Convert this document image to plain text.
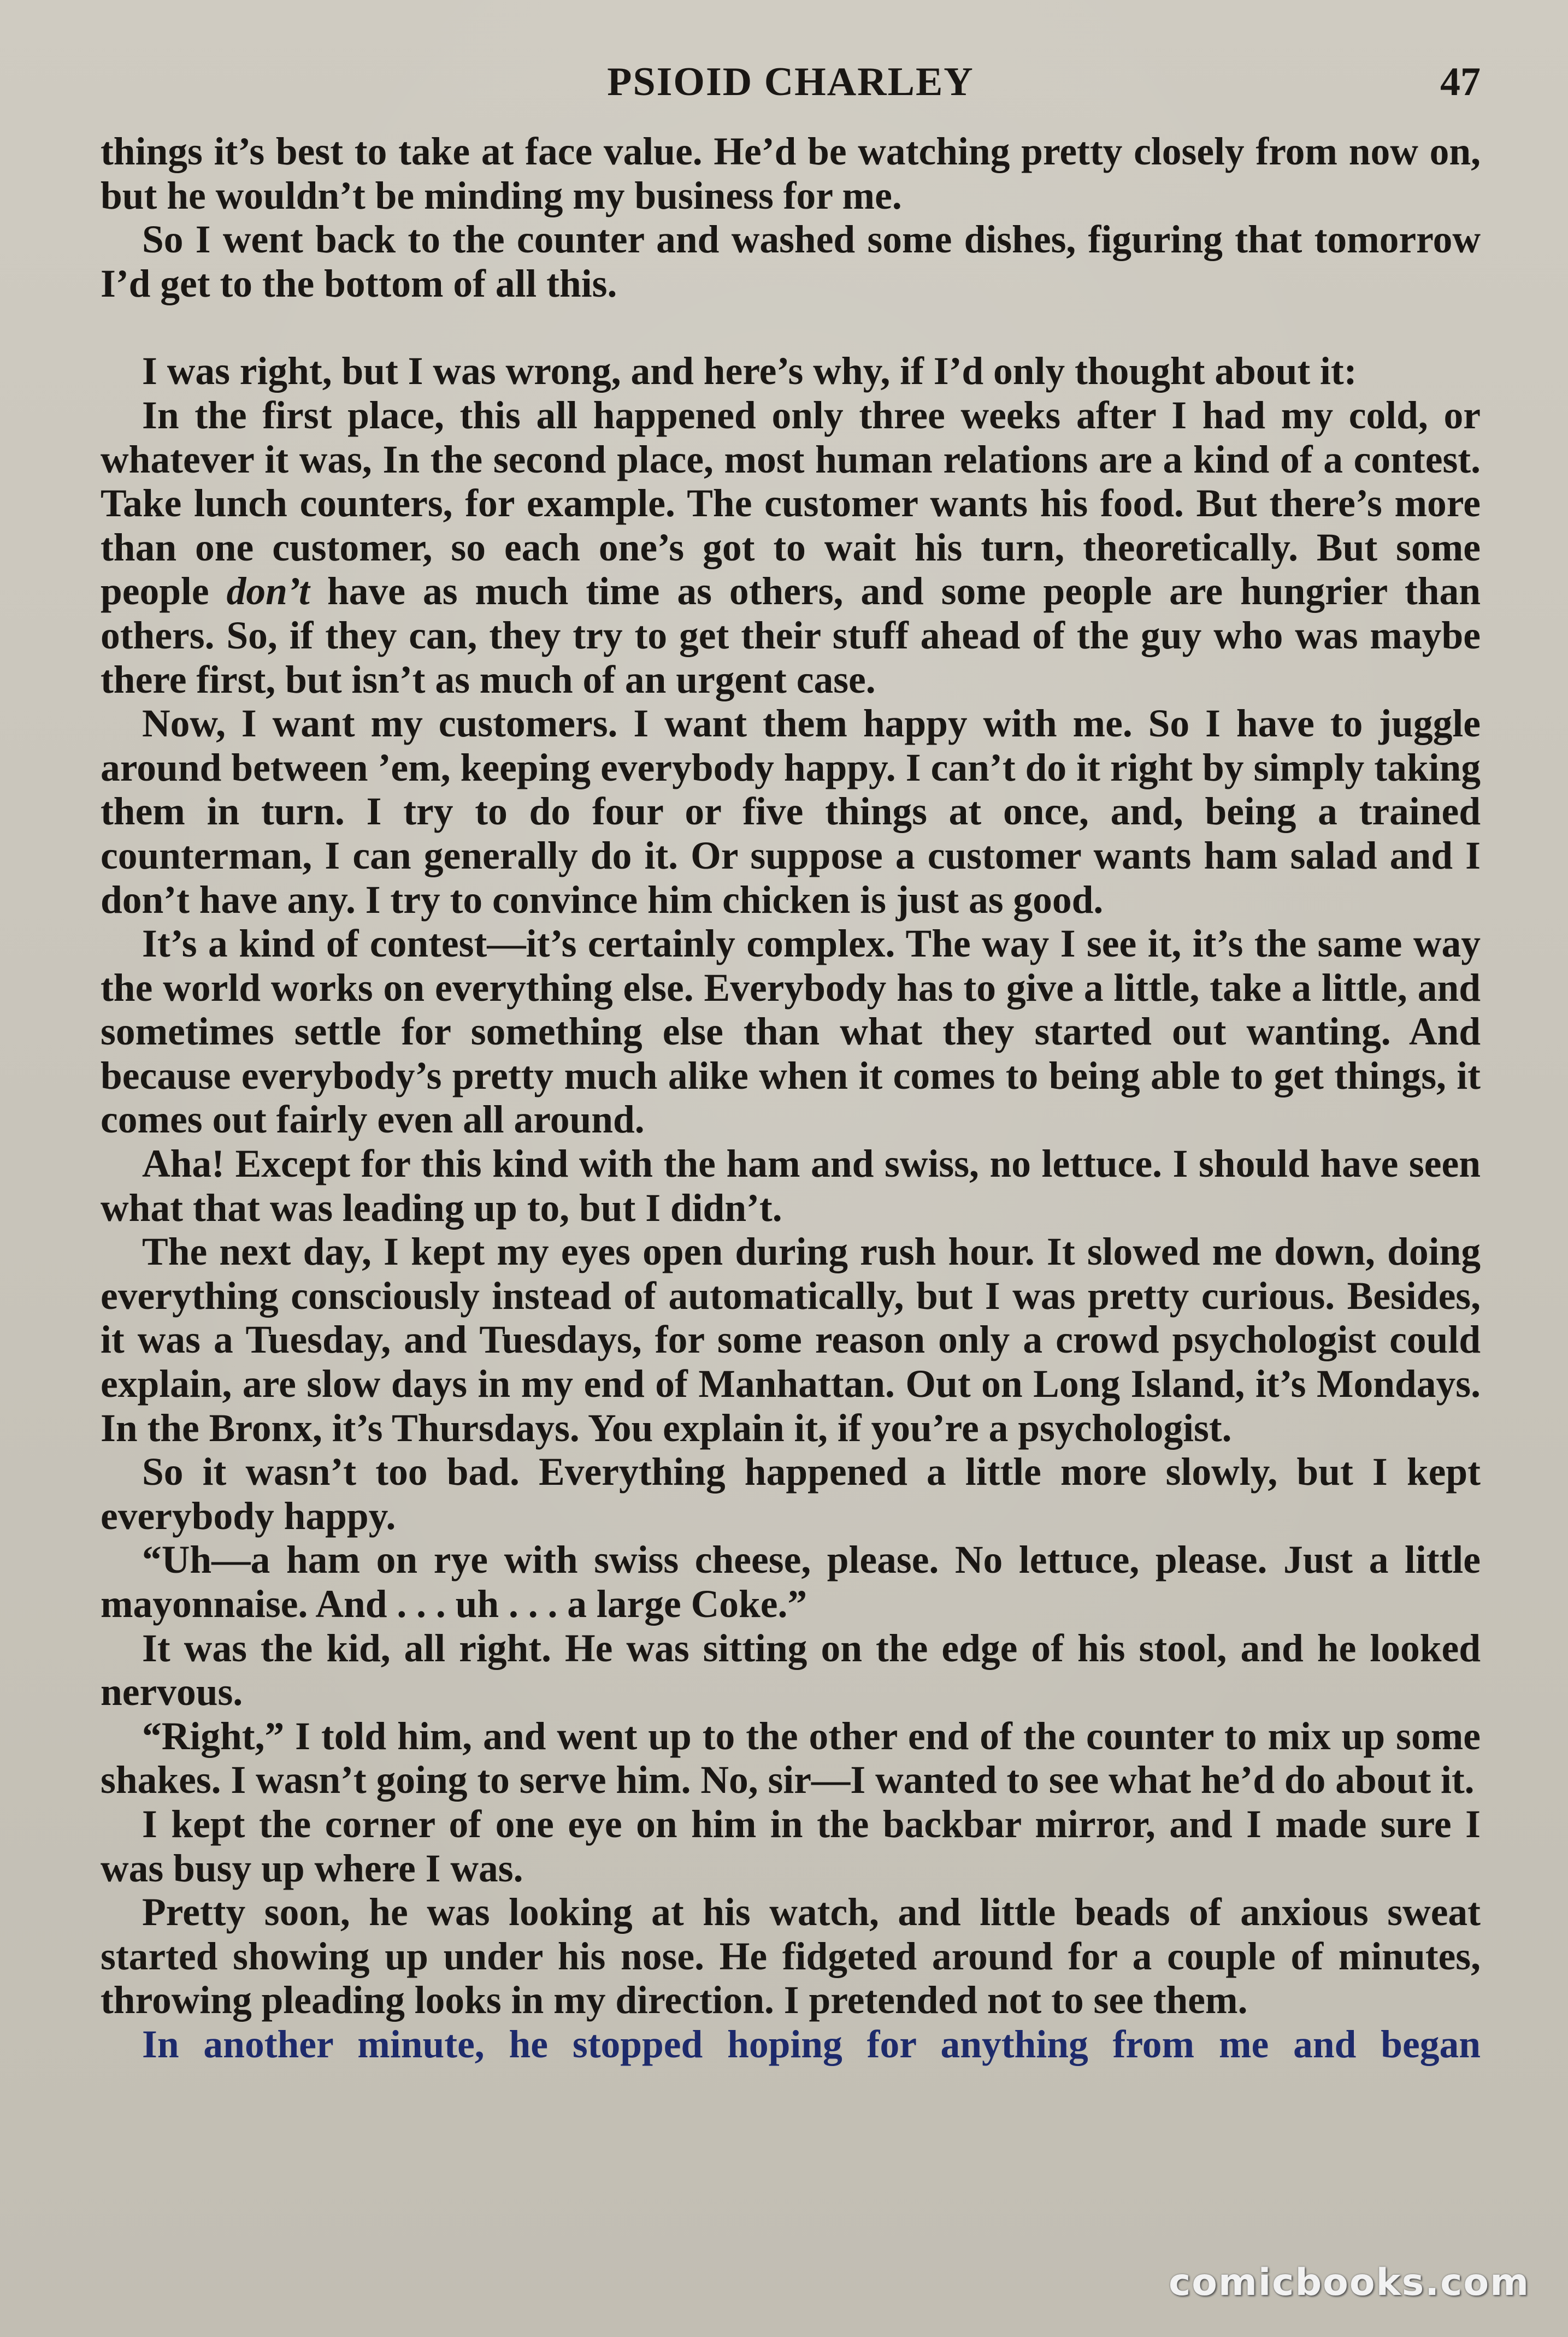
PSIOID CHARLEY	47

things it’s best to take at face value. He’d be watching pretty closely from now on, but he wouldn’t be minding my business for me.

So I went back to the counter and washed some dishes, figuring that tomorrow I’d get to the bottom of all this.

I was right, but I was wrong, and here’s why, if I’d only thought about it:

In the first place, this all happened only three weeks after I had my cold, or whatever it was, In the second place, most human relations are a kind of a contest. Take lunch counters, for example. The customer wants his food. But there’s more than one customer, so each one’s got to wait his turn, theoretically. But some people don’t have as much time as others, and some people are hungrier than others. So, if they can, they try to get their stuff ahead of the guy who was maybe there first, but isn’t as much of an urgent case.

Now, I want my customers. I want them happy with me. So I have to juggle around between ’em, keeping everybody happy. I can’t do it right by simply taking them in turn. I try to do four or five things at once, and, being a trained counterman, I can generally do it. Or suppose a customer wants ham salad and I don’t have any. I try to convince him chicken is just as good.

It’s a kind of contest—it’s certainly complex. The way I see it, it’s the same way the world works on everything else. Everybody has to give a little, take a little, and sometimes settle for something else than what they started out wanting. And because everybody’s pretty much alike when it comes to being able to get things, it comes out fairly even all around.

Aha! Except for this kind with the ham and swiss, no lettuce. I should have seen what that was leading up to, but I didn’t.

The next day, I kept my eyes open during rush hour. It slowed me down, doing everything consciously instead of automatically, but I was pretty curious. Besides, it was a Tuesday, and Tuesdays, for some reason only a crowd psychologist could explain, are slow days in my end of Manhattan. Out on Long Island, it’s Mondays. In the Bronx, it’s Thursdays. You explain it, if you’re a psychologist.

So it wasn’t too bad. Everything happened a little more slowly, but I kept everybody happy.

“Uh—a ham on rye with swiss cheese, please. No lettuce, please. Just a little mayonnaise. And . . . uh . . . a large Coke.”

It was the kid, all right. He was sitting on the edge of his stool, and he looked nervous.

“Right,” I told him, and went up to the other end of the counter to mix up some shakes. I wasn’t going to serve him. No, sir—I wanted to see what he’d do about it.

I kept the corner of one eye on him in the backbar mirror, and I made sure I was busy up where I was.

Pretty soon, he was looking at his watch, and little beads of anxious sweat started showing up under his nose. He fidgeted around for a couple of minutes, throwing pleading looks in my direction. I pretended not to see them.

In another minute, he stopped hoping for anything from me and began

comicbooks.com
